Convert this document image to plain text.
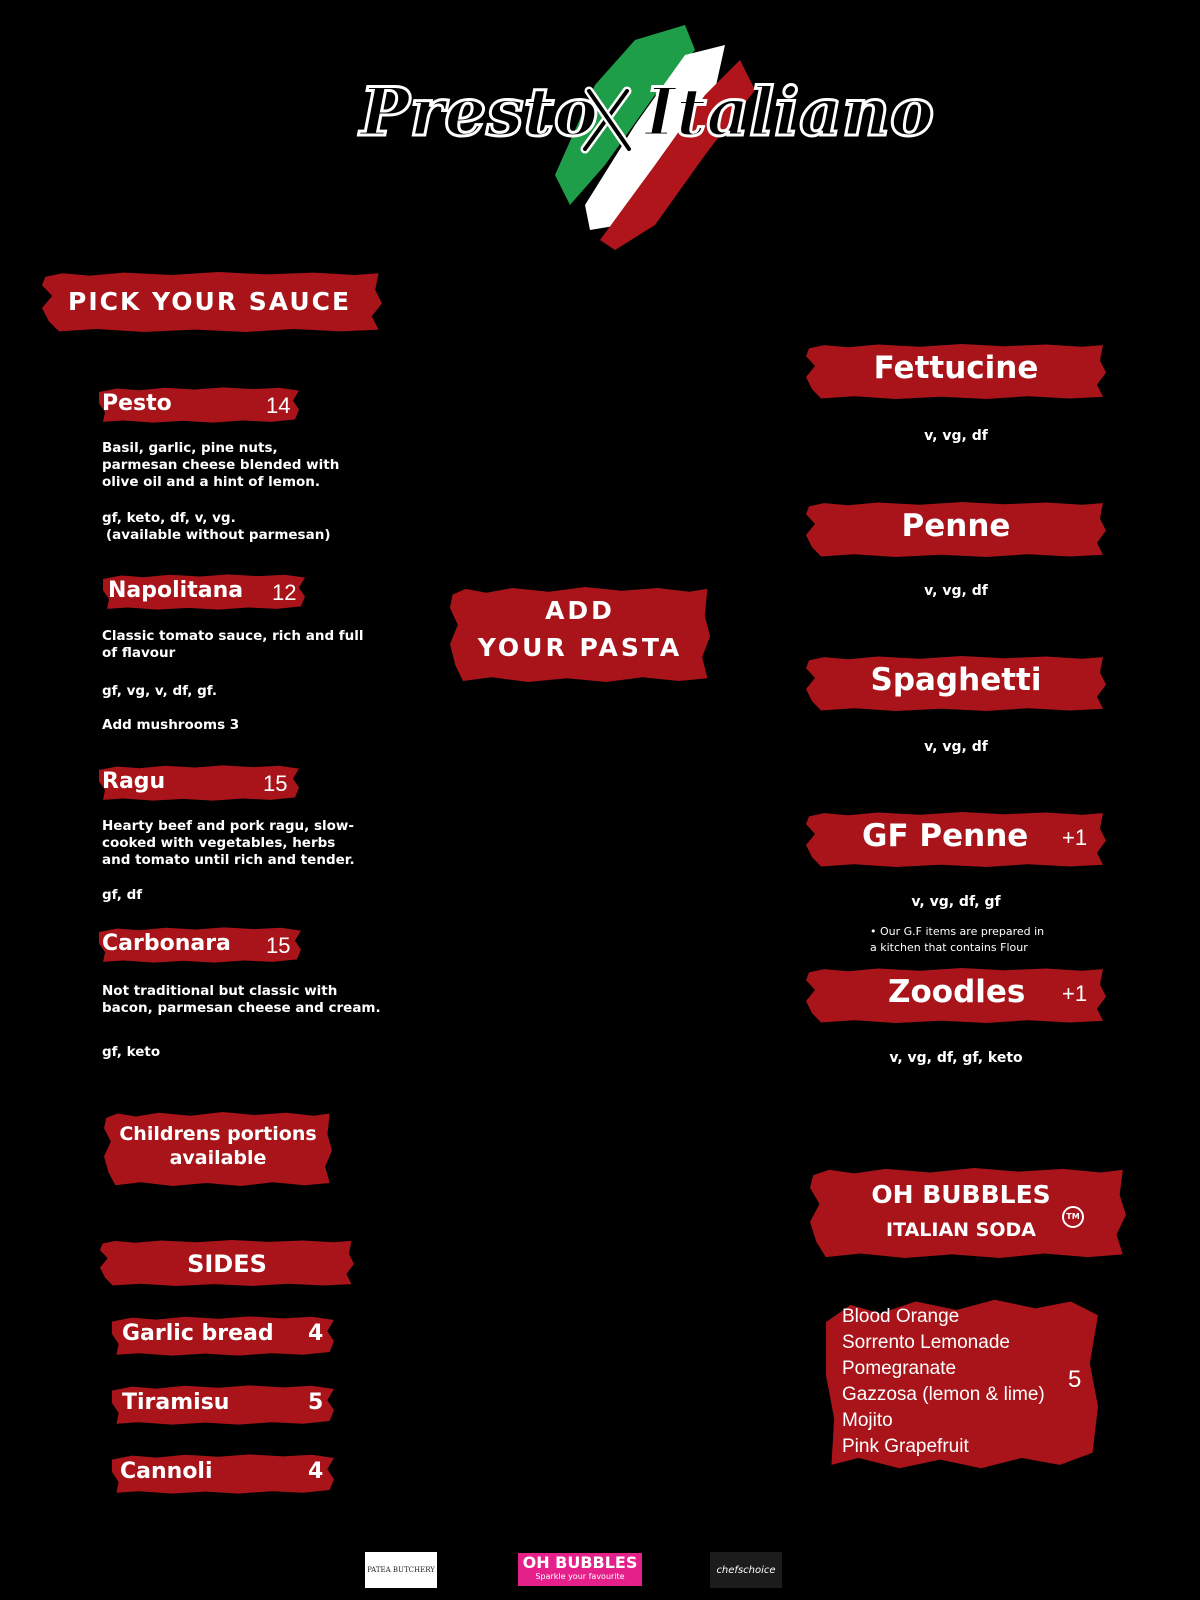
Presto Italiano
PICK YOUR SAUCE
Pesto	14
Basil, garlic, pine nuts,
parmesan cheese blended with
olive oil and a hint of lemon.
gf, keto, df, v, vg.
(available without parmesan)
Napolitana 12
Classic tomato sauce, rich and full
of flavour
gf, vg, v, df, gf.
Add mushrooms 3
Ragu	15
Hearty beef and pork ragu, slow-
cooked with vegetables, herbs
and tomato until rich and tender.
gf, df
Carbonara 15
Not traditional but classic with
bacon, parmesan cheese and cream.
gf, keto
Childrens portions
available
SIDES
Garlic bread 4
Tiramisu	5
Cannoli	4
ADD
YOUR PASTA
Fettucine
v, vg, df
Penne
v, vg, df
Spaghetti
v, vg, df
GF Penne +1
v, vg, df, gf
• Our G.F items are prepared in
a kitchen that contains Flour
Zoodles +1
v, vg, df, gf, keto
OH BUBBLES
ITALIAN SODA
TM
Blood Orange
Sorrento Lemonade
Pomegranate
Gazzosa (lemon & lime)
Mojito
Pink Grapefruit
5
PATEA BUTCHERY	OH BUBBLES
Sparkle your favourite
chefschoice
